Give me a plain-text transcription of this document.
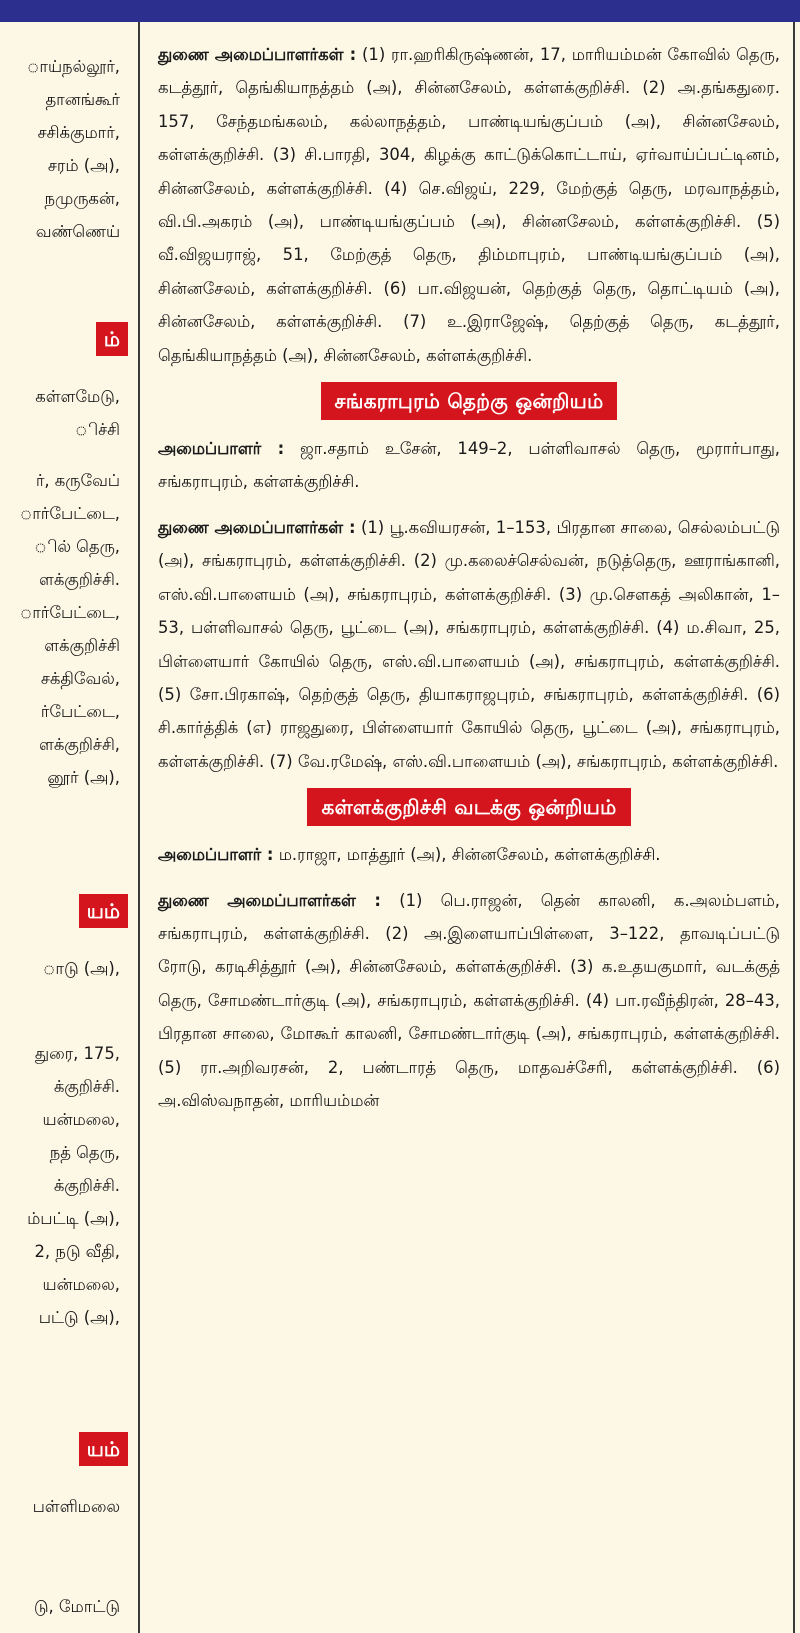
ாய்நல்லூர்,
தானங்கூர்
சசிக்குமார்,
சரம் (அ),
நமுருகன்,
வண்ணெய்
ம்
கள்ளமேடு,
ிச்சி
ர், கருவேப்
ார்பேட்டை,
ில் தெரு,
ளக்குறிச்சி.
ார்பேட்டை,
ளக்குறிச்சி
சக்திவேல்,
ர்பேட்டை,
ளக்குறிச்சி,
னூர் (அ),
யம்
ாடு (அ),
துரை, 175,
க்குறிச்சி.
யன்மலை,
நத் தெரு,
க்குறிச்சி.
ம்பட்டி (அ),
2, நடு வீதி,
யன்மலை,
பட்டு (அ),
யம்
பள்ளிமலை
டு, மோட்டு

துணை அமைப்பாளர்கள் : (1) ரா.ஹரிகிருஷ்ணன், 17, மாரியம்மன் கோவில் தெரு, கடத்தூர், தெங்கியாநத்தம் (அ), சின்னசேலம், கள்ளக்குறிச்சி. (2) அ.தங்கதுரை. 157, சேந்தமங்கலம், கல்லாநத்தம், பாண்டியங்குப்பம் (அ), சின்னசேலம், கள்ளக்குறிச்சி. (3) சி.பாரதி, 304, கிழக்கு காட்டுக்கொட்டாய், ஏர்வாய்ப்பட்டினம், சின்னசேலம், கள்ளக்குறிச்சி. (4) செ.விஜய், 229, மேற்குத் தெரு, மரவாநத்தம், வி.பி.அகரம் (அ), பாண்டியங்குப்பம் (அ), சின்னசேலம், கள்ளக்குறிச்சி. (5) வீ.விஜயராஜ், 51, மேற்குத் தெரு, திம்மாபுரம், பாண்டியங்குப்பம் (அ), சின்னசேலம், கள்ளக்குறிச்சி. (6) பா.விஜயன், தெற்குத் தெரு, தொட்டியம் (அ), சின்னசேலம், கள்ளக்குறிச்சி. (7) உ.இராஜேஷ், தெற்குத் தெரு, கடத்தூர், தெங்கியாநத்தம் (அ), சின்னசேலம், கள்ளக்குறிச்சி.

சங்கராபுரம் தெற்கு ஒன்றியம்

அமைப்பாளர் : ஜா.சதாம் உசேன், 149–2, பள்ளிவாசல் தெரு, மூரார்பாது, சங்கராபுரம், கள்ளக்குறிச்சி.

துணை அமைப்பாளர்கள் : (1) பூ.கவியரசன், 1–153, பிரதான சாலை, செல்லம்பட்டு (அ), சங்கராபுரம், கள்ளக்குறிச்சி. (2) மு.கலைச்செல்வன், நடுத்தெரு, ஊராங்கானி, எஸ்.வி.பாளையம் (அ), சங்கராபுரம், கள்ளக்குறிச்சி. (3) மு.சௌகத் அலிகான், 1–53, பள்ளிவாசல் தெரு, பூட்டை (அ), சங்கராபுரம், கள்ளக்குறிச்சி. (4) ம.சிவா, 25, பிள்ளையார் கோயில் தெரு, எஸ்.வி.பாளையம் (அ), சங்கராபுரம், கள்ளக்குறிச்சி. (5) சோ.பிரகாஷ், தெற்குத் தெரு, தியாகராஜபுரம், சங்கராபுரம், கள்ளக்குறிச்சி. (6) சி.கார்த்திக் (எ) ராஜதுரை, பிள்ளையார் கோயில் தெரு, பூட்டை (அ), சங்கராபுரம், கள்ளக்குறிச்சி. (7) வே.ரமேஷ், எஸ்.வி.பாளையம் (அ), சங்கராபுரம், கள்ளக்குறிச்சி.

கள்ளக்குறிச்சி வடக்கு ஒன்றியம்

அமைப்பாளர் : ம.ராஜா, மாத்தூர் (அ), சின்னசேலம், கள்ளக்குறிச்சி.

துணை அமைப்பாளர்கள் : (1) பெ.ராஜன், தென் காலனி, க.அலம்பளம், சங்கராபுரம், கள்ளக்குறிச்சி. (2) அ.இளையாப்பிள்ளை, 3–122, தாவடிப்பட்டு ரோடு, கரடிசித்தூர் (அ), சின்னசேலம், கள்ளக்குறிச்சி. (3) க.உதயகுமார், வடக்குத் தெரு, சோமண்டார்குடி (அ), சங்கராபுரம், கள்ளக்குறிச்சி. (4) பா.ரவீந்திரன், 28–43, பிரதான சாலை, மோகூர் காலனி, சோமண்டார்குடி (அ), சங்கராபுரம், கள்ளக்குறிச்சி. (5) ரா.அறிவரசன், 2, பண்டாரத் தெரு, மாதவச்சேரி, கள்ளக்குறிச்சி. (6) அ.விஸ்வநாதன், மாரியம்மன்
